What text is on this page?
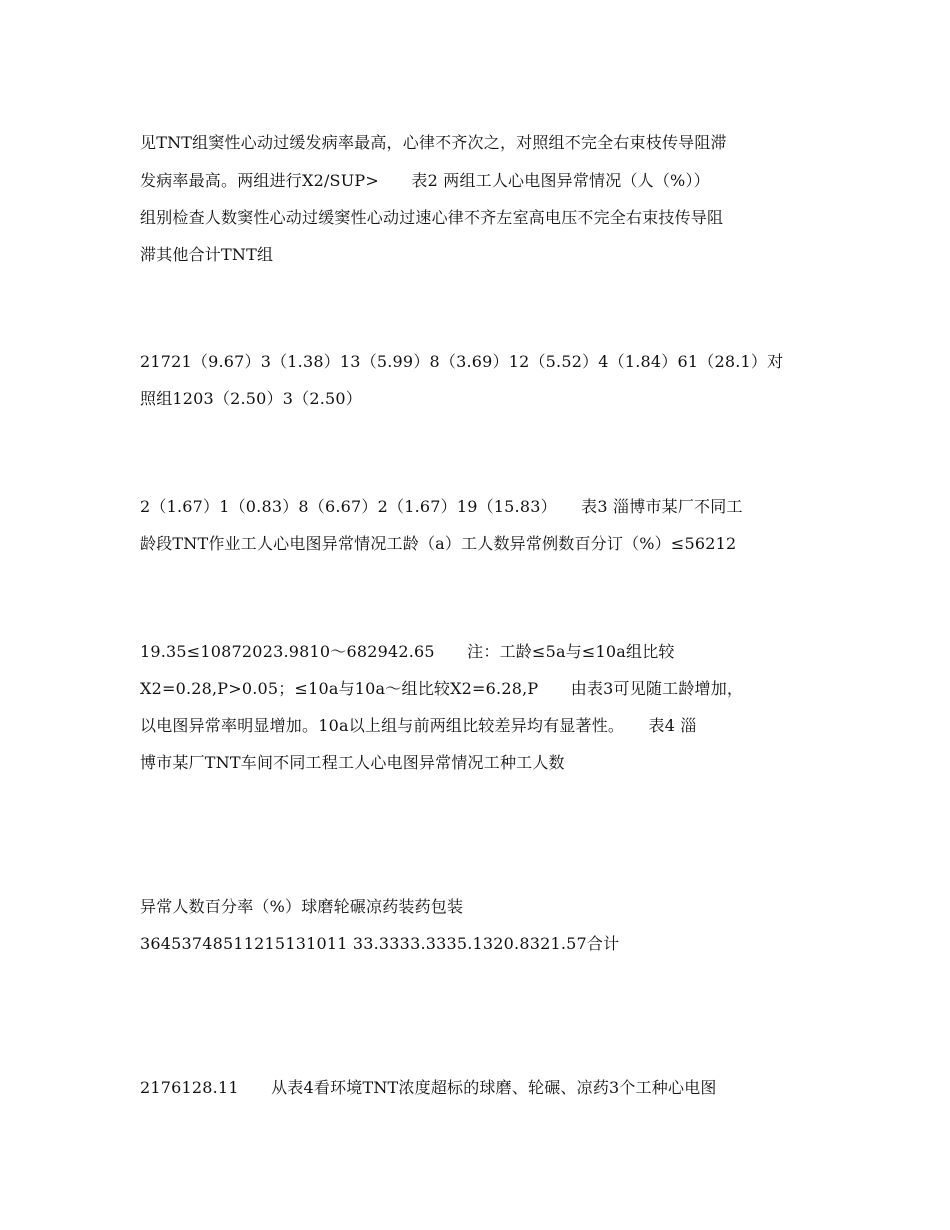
见TNT组窦性心动过缓发病率最高，心律不齐次之，对照组不完全右束枝传导阻滞
发病率最高。两组进行X2/SUP>　　表2 两组工人心电图异常情况（人（%））
组别检查人数窦性心动过缓窦性心动过速心律不齐左室高电压不完全右束技传导阻
滞其他合计TNT组
21721（9.67）3（1.38）13（5.99）8（3.69）12（5.52）4（1.84）61（28.1）对
照组1203（2.50）3（2.50）
2（1.67）1（0.83）8（6.67）2（1.67）19（15.83）　　表3 淄博市某厂不同工
龄段TNT作业工人心电图异常情况工龄（a）工人数异常例数百分订（%）≤56212
19.35≤10872023.9810～682942.65　　注：工龄≤5a与≤10a组比较
X2=0.28,P>0.05；≤10a与10a～组比较X2=6.28,P　　由表3可见随工龄增加，
以电图异常率明显增加。10a以上组与前两组比较差异均有显著性。　　表4 淄
博市某厂TNT车间不同工程工人心电图异常情况工种工人数
异常人数百分率（%）球磨轮碾凉药装药包装
36453748511215131011 33.3333.3335.1320.8321.57合计
2176128.11　　从表4看环境TNT浓度超标的球磨、轮碾、凉药3个工种心电图
